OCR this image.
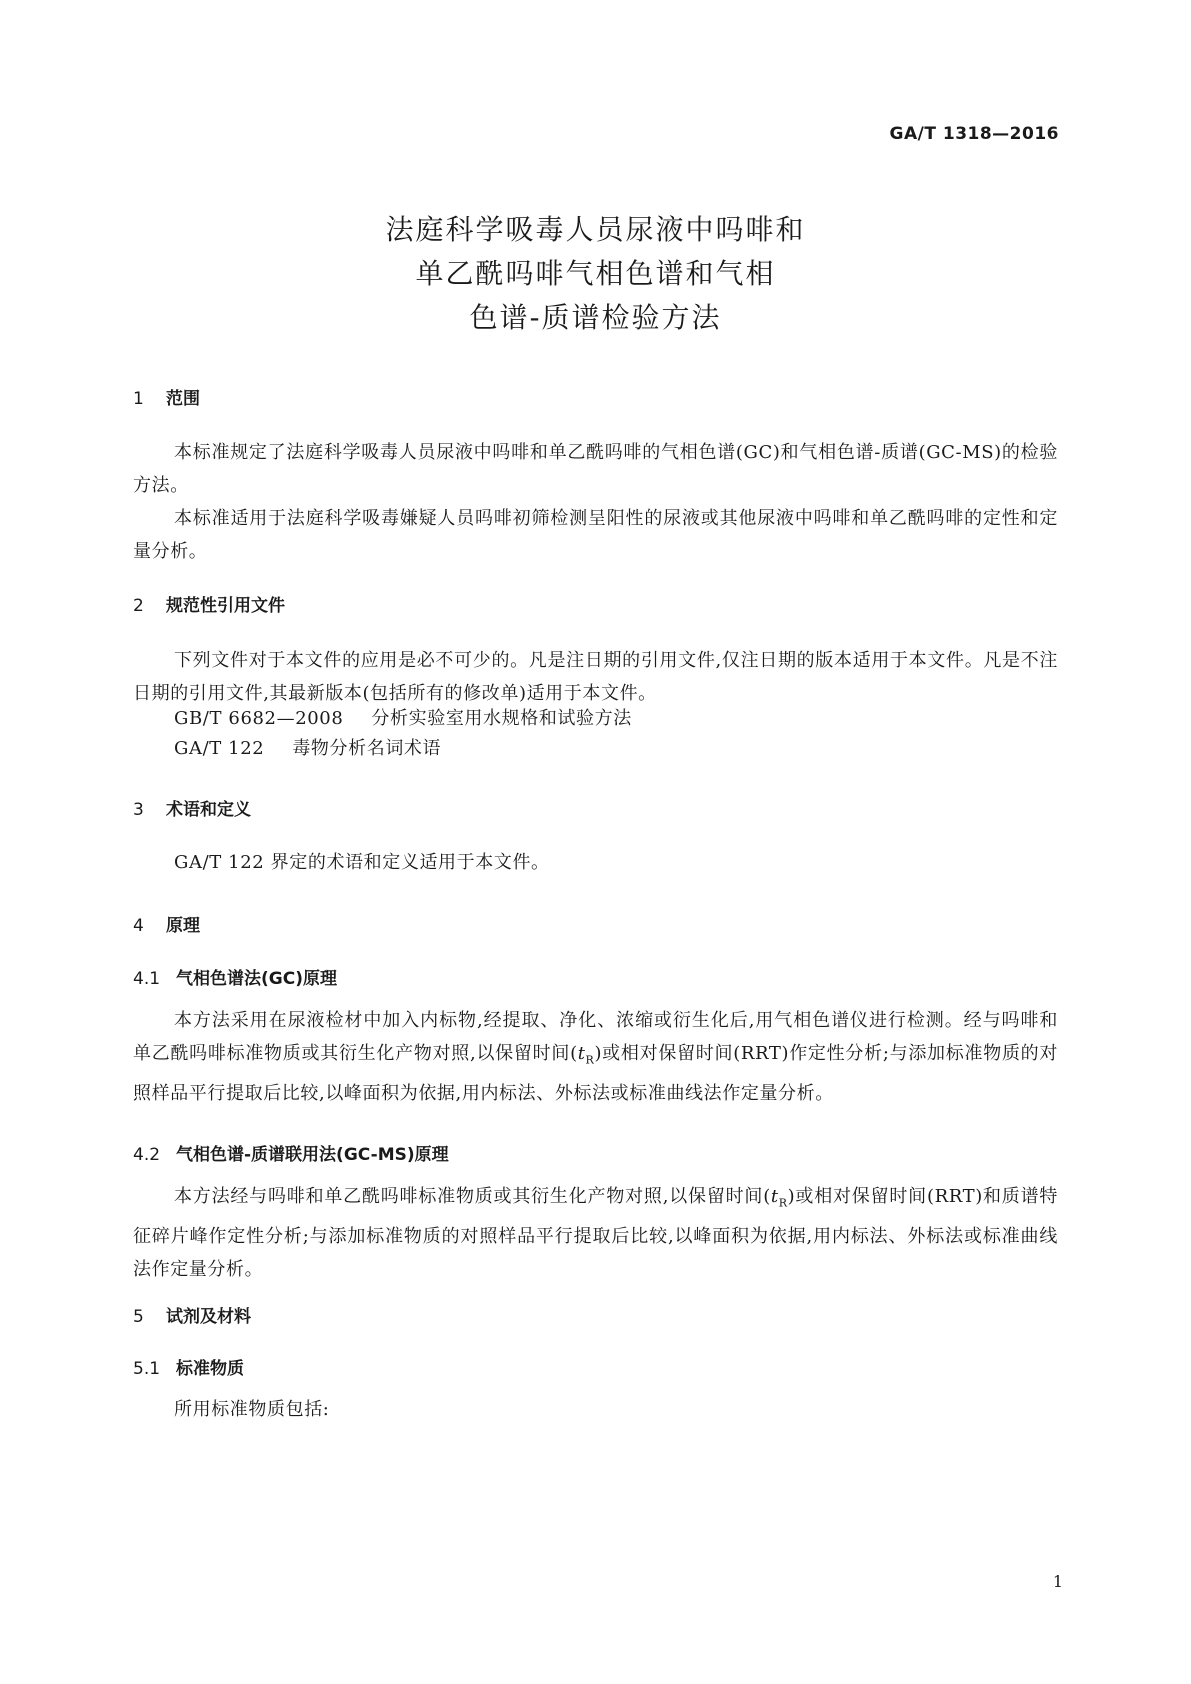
GA/T 1318—2016
法庭科学吸毒人员尿液中吗啡和
单乙酰吗啡气相色谱和气相
色谱-质谱检验方法
1 范围
本标准规定了法庭科学吸毒人员尿液中吗啡和单乙酰吗啡的气相色谱(GC)和气相色谱-质谱(GC-MS)的检验方法。
本标准适用于法庭科学吸毒嫌疑人员吗啡初筛检测呈阳性的尿液或其他尿液中吗啡和单乙酰吗啡的定性和定量分析。
2 规范性引用文件
下列文件对于本文件的应用是必不可少的。凡是注日期的引用文件,仅注日期的版本适用于本文件。凡是不注日期的引用文件,其最新版本(包括所有的修改单)适用于本文件。
GB/T 6682—2008 分析实验室用水规格和试验方法
GA/T 122 毒物分析名词术语
3 术语和定义
GA/T 122 界定的术语和定义适用于本文件。
4 原理
4.1 气相色谱法(GC)原理
本方法采用在尿液检材中加入内标物,经提取、净化、浓缩或衍生化后,用气相色谱仪进行检测。经与吗啡和单乙酰吗啡标准物质或其衍生化产物对照,以保留时间$(t_R)$或相对保留时间(RRT)作定性分析;与添加标准物质的对照样品平行提取后比较,以峰面积为依据,用内标法、外标法或标准曲线法作定量分析。
4.2 气相色谱-质谱联用法(GC-MS)原理
本方法经与吗啡和单乙酰吗啡标准物质或其衍生化产物对照,以保留时间$(t_R)$或相对保留时间(RRT)和质谱特征碎片峰作定性分析;与添加标准物质的对照样品平行提取后比较,以峰面积为依据,用内标法、外标法或标准曲线法作定量分析。
5 试剂及材料
5.1 标准物质
所用标准物质包括:
1
